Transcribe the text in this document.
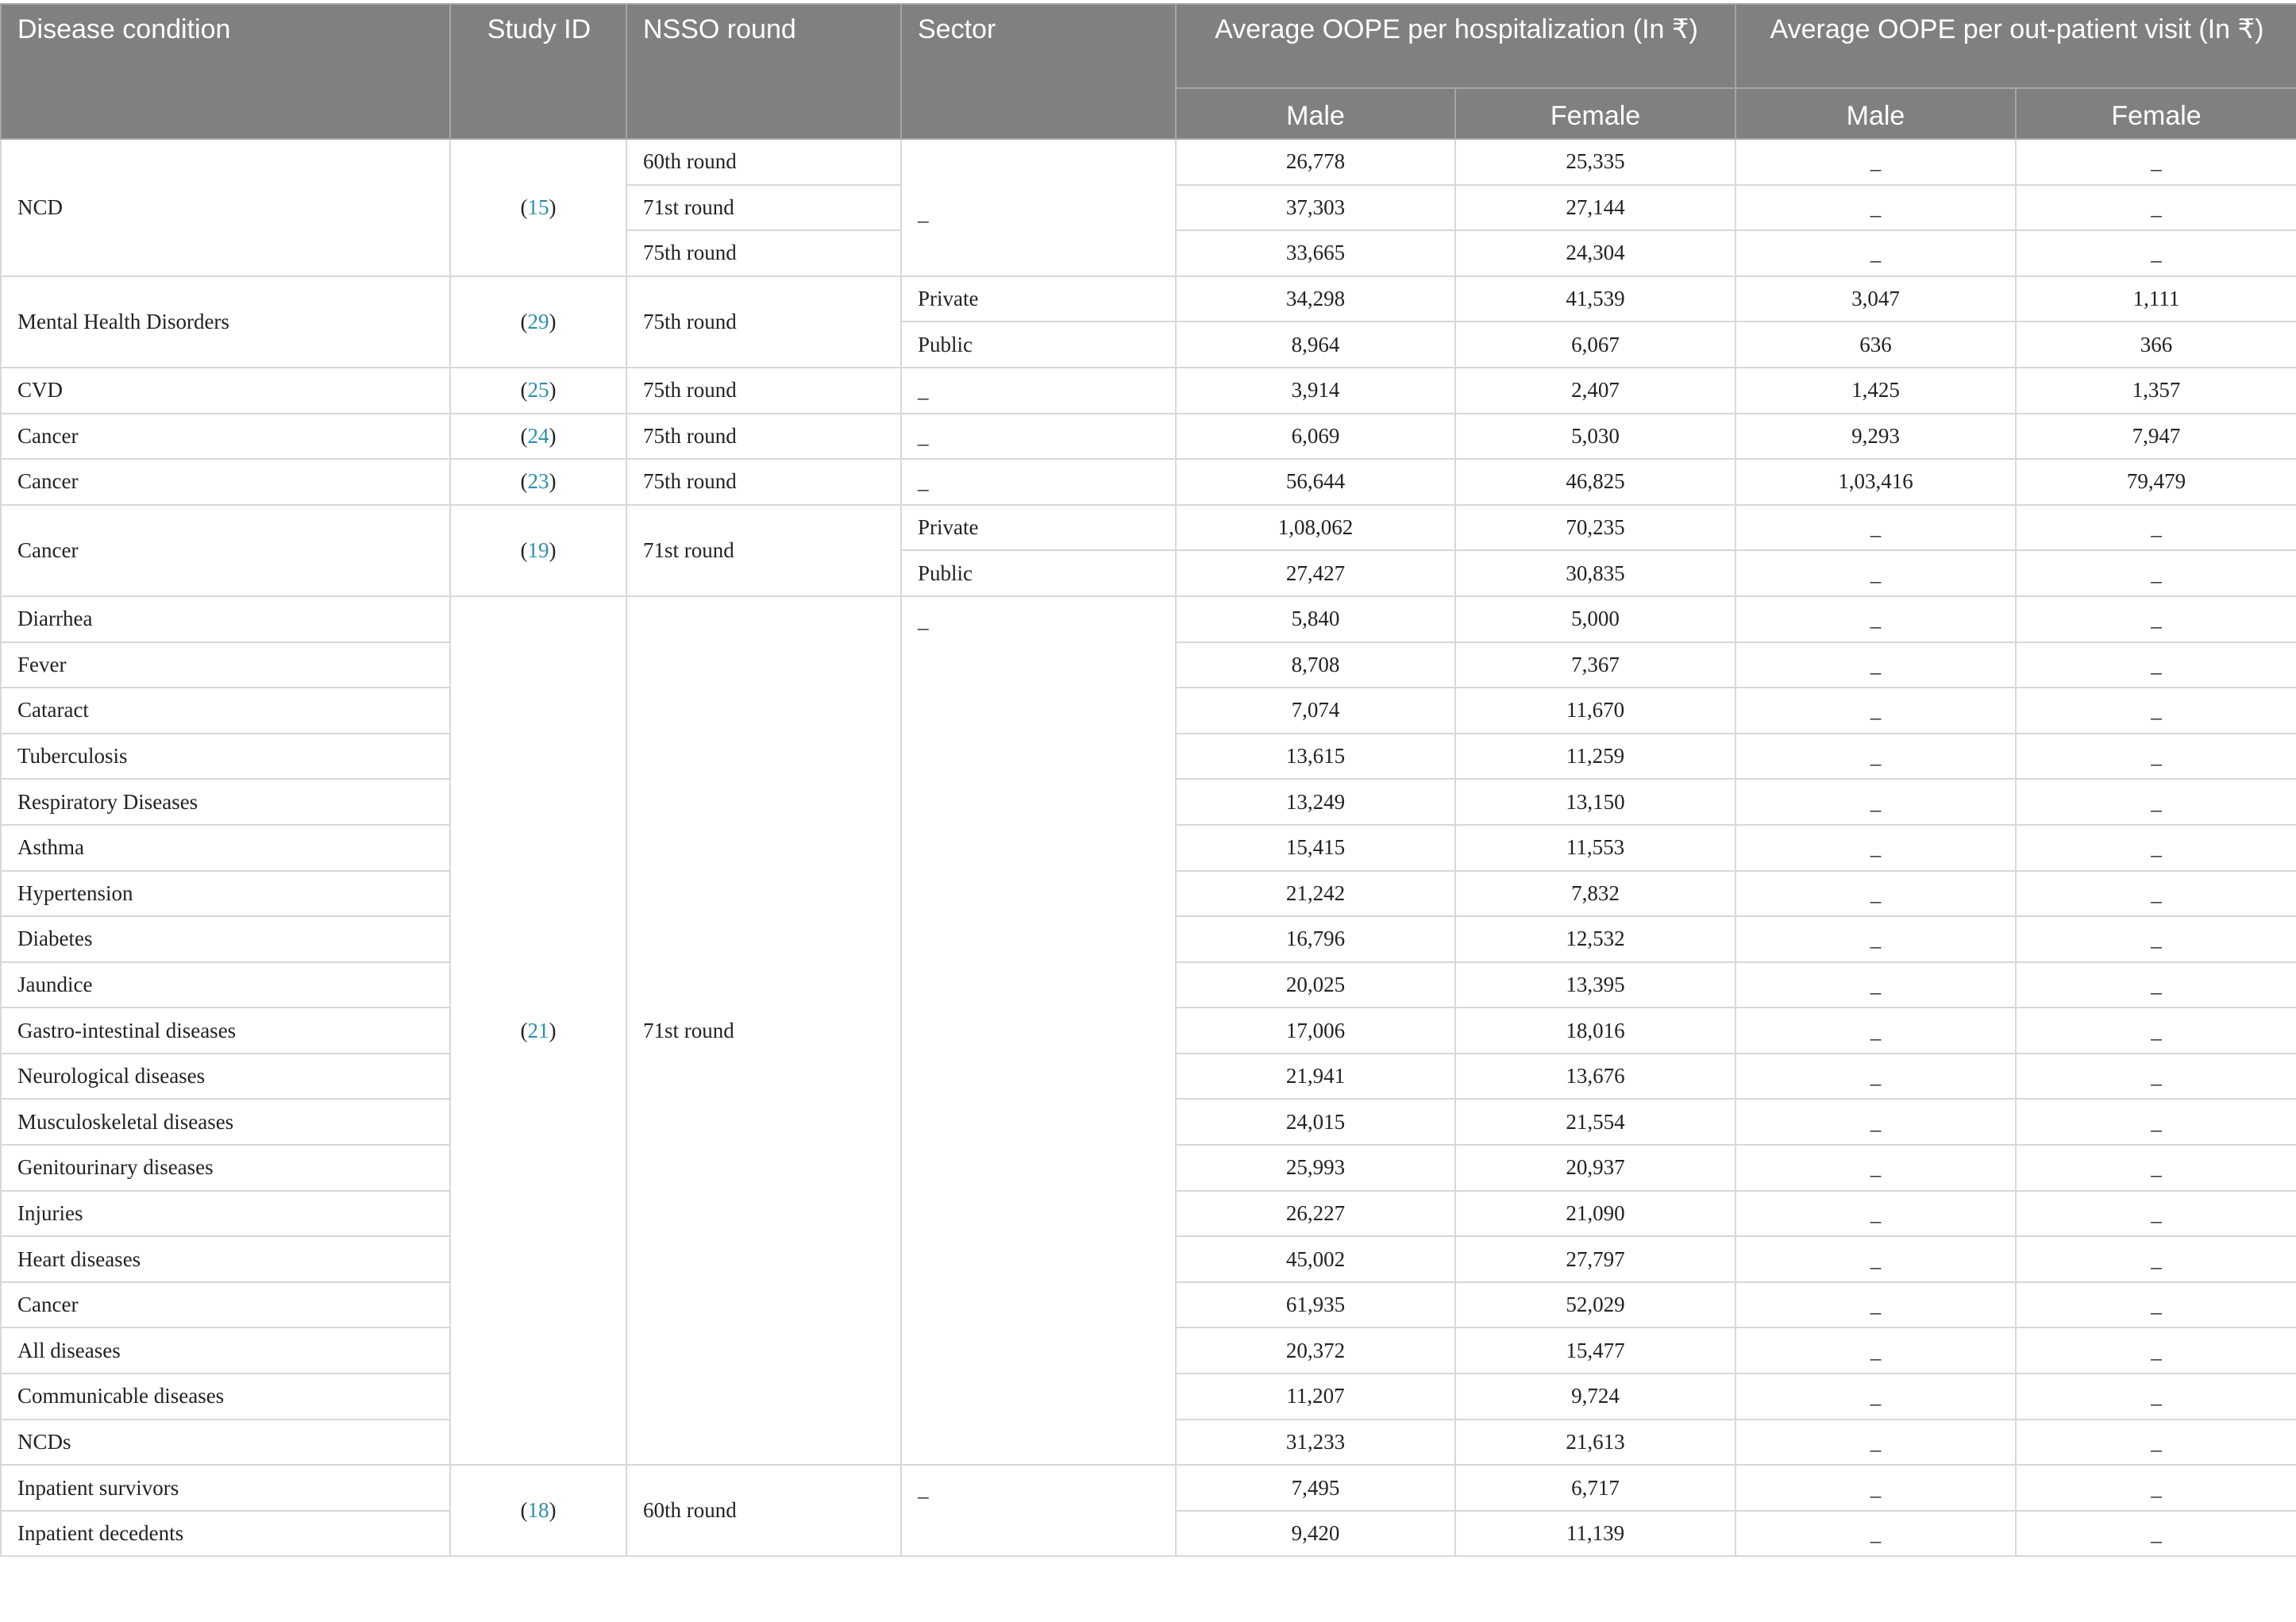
Disease condition	Study ID	NSSO round	Sector	Average OOPE per hospitalization (In ₹)		Average OOPE per out-patient visit (In ₹)	
				Male	Female	Male	Female
NCD	(15)	60th round	_	26,778	25,335	_	_
		71st round		37,303	27,144	_	_
		75th round		33,665	24,304	_	_
Mental Health Disorders	(29)	75th round	Private	34,298	41,539	3,047	1,111
			Public	8,964	6,067	636	366
CVD	(25)	75th round	_	3,914	2,407	1,425	1,357
Cancer	(24)	75th round	_	6,069	5,030	9,293	7,947
Cancer	(23)	75th round	_	56,644	46,825	1,03,416	79,479
Cancer	(19)	71st round	Private	1,08,062	70,235	_	_
			Public	27,427	30,835	_	_
Diarrhea	(21)	71st round	_	5,840	5,000	_	_
Fever				8,708	7,367	_	_
Cataract				7,074	11,670	_	_
Tuberculosis				13,615	11,259	_	_
Respiratory Diseases				13,249	13,150	_	_
Asthma				15,415	11,553	_	_
Hypertension				21,242	7,832	_	_
Diabetes				16,796	12,532	_	_
Jaundice				20,025	13,395	_	_
Gastro-intestinal diseases				17,006	18,016	_	_
Neurological diseases				21,941	13,676	_	_
Musculoskeletal diseases				24,015	21,554	_	_
Genitourinary diseases				25,993	20,937	_	_
Injuries				26,227	21,090	_	_
Heart diseases				45,002	27,797	_	_
Cancer				61,935	52,029	_	_
All diseases				20,372	15,477	_	_
Communicable diseases				11,207	9,724	_	_
NCDs				31,233	21,613	_	_
Inpatient survivors	(18)	60th round	_	7,495	6,717	_	_
Inpatient decedents				9,420	11,139	_	_
